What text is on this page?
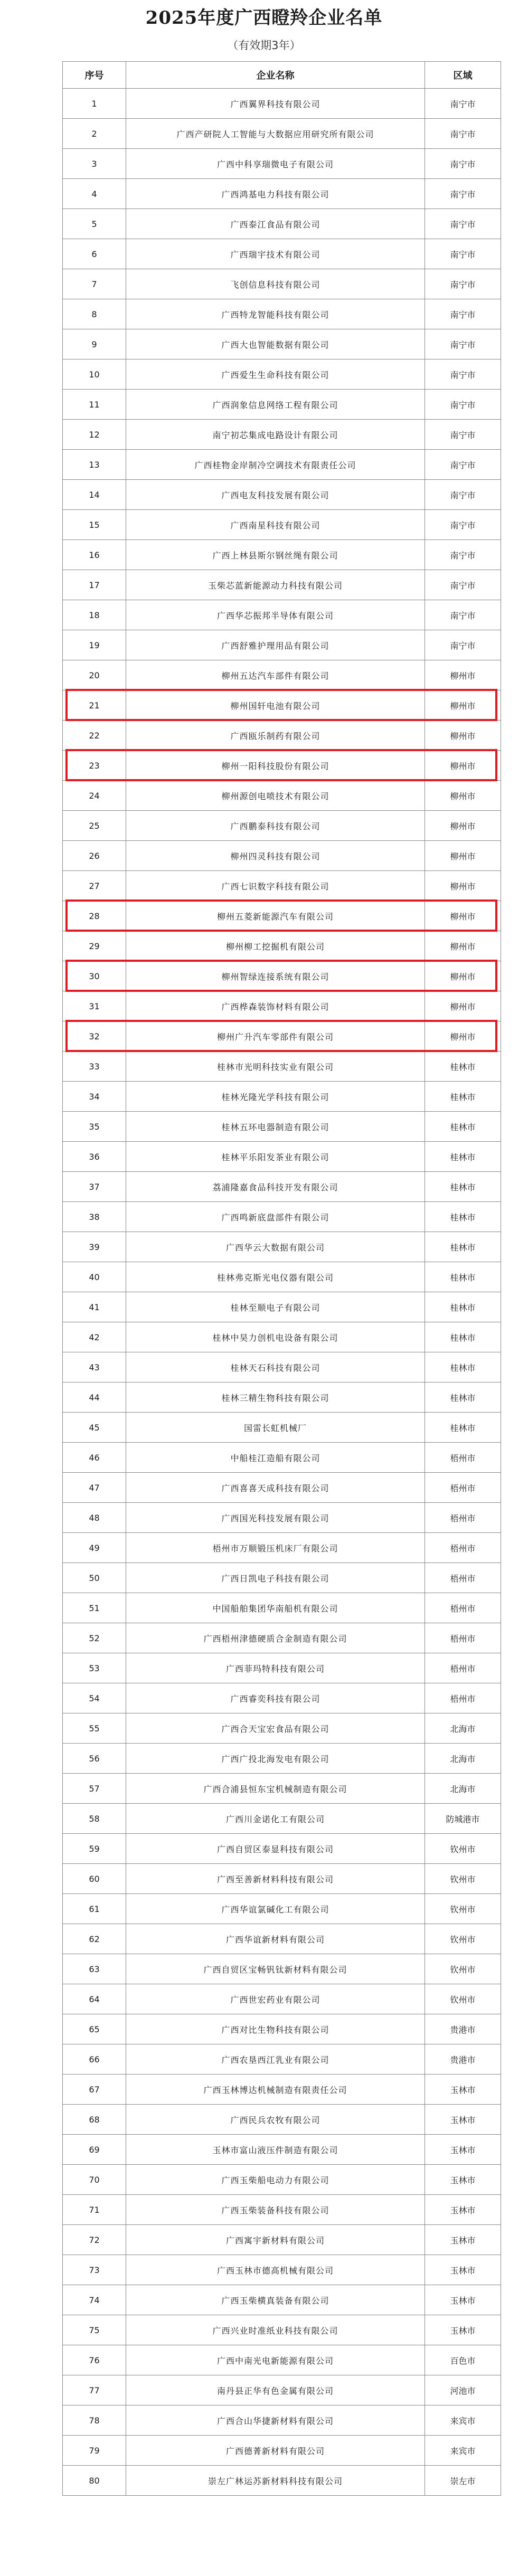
2025年度广西瞪羚企业名单
（有效期3年）
序号	企业名称	区域
1	广西翼界科技有限公司	南宁市
2	广西产研院人工智能与大数据应用研究所有限公司	南宁市
3	广西中科享瑞微电子有限公司	南宁市
4	广西鸿基电力科技有限公司	南宁市
5	广西泰江食品有限公司	南宁市
6	广西瑞宇技术有限公司	南宁市
7	飞创信息科技有限公司	南宁市
8	广西特龙智能科技有限公司	南宁市
9	广西大也智能数据有限公司	南宁市
10	广西爱生生命科技有限公司	南宁市
11	广西润象信息网络工程有限公司	南宁市
12	南宁初芯集成电路设计有限公司	南宁市
13	广西桂物金岸制冷空调技术有限责任公司	南宁市
14	广西电友科技发展有限公司	南宁市
15	广西南星科技有限公司	南宁市
16	广西上林县斯尔钢丝绳有限公司	南宁市
17	玉柴芯蓝新能源动力科技有限公司	南宁市
18	广西华芯振邦半导体有限公司	南宁市
19	广西舒雅护理用品有限公司	南宁市
20	柳州五达汽车部件有限公司	柳州市
21	柳州国轩电池有限公司	柳州市
22	广西瓯乐制药有限公司	柳州市
23	柳州一阳科技股份有限公司	柳州市
24	柳州源创电喷技术有限公司	柳州市
25	广西鹏泰科技有限公司	柳州市
26	柳州四灵科技有限公司	柳州市
27	广西七识数字科技有限公司	柳州市
28	柳州五菱新能源汽车有限公司	柳州市
29	柳州柳工挖掘机有限公司	柳州市
30	柳州智绿连接系统有限公司	柳州市
31	广西桦森装饰材料有限公司	柳州市
32	柳州广升汽车零部件有限公司	柳州市
33	桂林市光明科技实业有限公司	桂林市
34	桂林光隆光学科技有限公司	桂林市
35	桂林五环电器制造有限公司	桂林市
36	桂林平乐阳发茶业有限公司	桂林市
37	荔浦隆嘉食品科技开发有限公司	桂林市
38	广西鸣新底盘部件有限公司	桂林市
39	广西华云大数据有限公司	桂林市
40	桂林弗克斯光电仪器有限公司	桂林市
41	桂林至顺电子有限公司	桂林市
42	桂林中昊力创机电设备有限公司	桂林市
43	桂林天石科技有限公司	桂林市
44	桂林三精生物科技有限公司	桂林市
45	国雷长虹机械厂	桂林市
46	中船桂江造船有限公司	梧州市
47	广西喜喜天成科技有限公司	梧州市
48	广西国光科技发展有限公司	梧州市
49	梧州市万顺锻压机床厂有限公司	梧州市
50	广西日凯电子科技有限公司	梧州市
51	中国船舶集团华南船机有限公司	梧州市
52	广西梧州津德硬质合金制造有限公司	梧州市
53	广西菲玛特科技有限公司	梧州市
54	广西睿奕科技有限公司	梧州市
55	广西合天宝宏食品有限公司	北海市
56	广西广投北海发电有限公司	北海市
57	广西合浦县恒东宝机械制造有限公司	北海市
58	广西川金诺化工有限公司	防城港市
59	广西自贸区泰显科技有限公司	钦州市
60	广西至善新材料科技有限公司	钦州市
61	广西华谊氯碱化工有限公司	钦州市
62	广西华谊新材料有限公司	钦州市
63	广西自贸区宝畅钒钛新材料有限公司	钦州市
64	广西世宏药业有限公司	钦州市
65	广西对比生物科技有限公司	贵港市
66	广西农垦西江乳业有限公司	贵港市
67	广西玉林博达机械制造有限责任公司	玉林市
68	广西民兵农牧有限公司	玉林市
69	玉林市富山液压件制造有限公司	玉林市
70	广西玉柴船电动力有限公司	玉林市
71	广西玉柴装备科技有限公司	玉林市
72	广西寓宇新材料有限公司	玉林市
73	广西玉林市德高机械有限公司	玉林市
74	广西玉柴横真装备有限公司	玉林市
75	广西兴业时准纸业科技有限公司	玉林市
76	广西中南光电新能源有限公司	百色市
77	南丹县正华有色金属有限公司	河池市
78	广西合山华捷新材料有限公司	来宾市
79	广西德菁新材料有限公司	来宾市
80	崇左广林运苏新材料科技有限公司	崇左市
